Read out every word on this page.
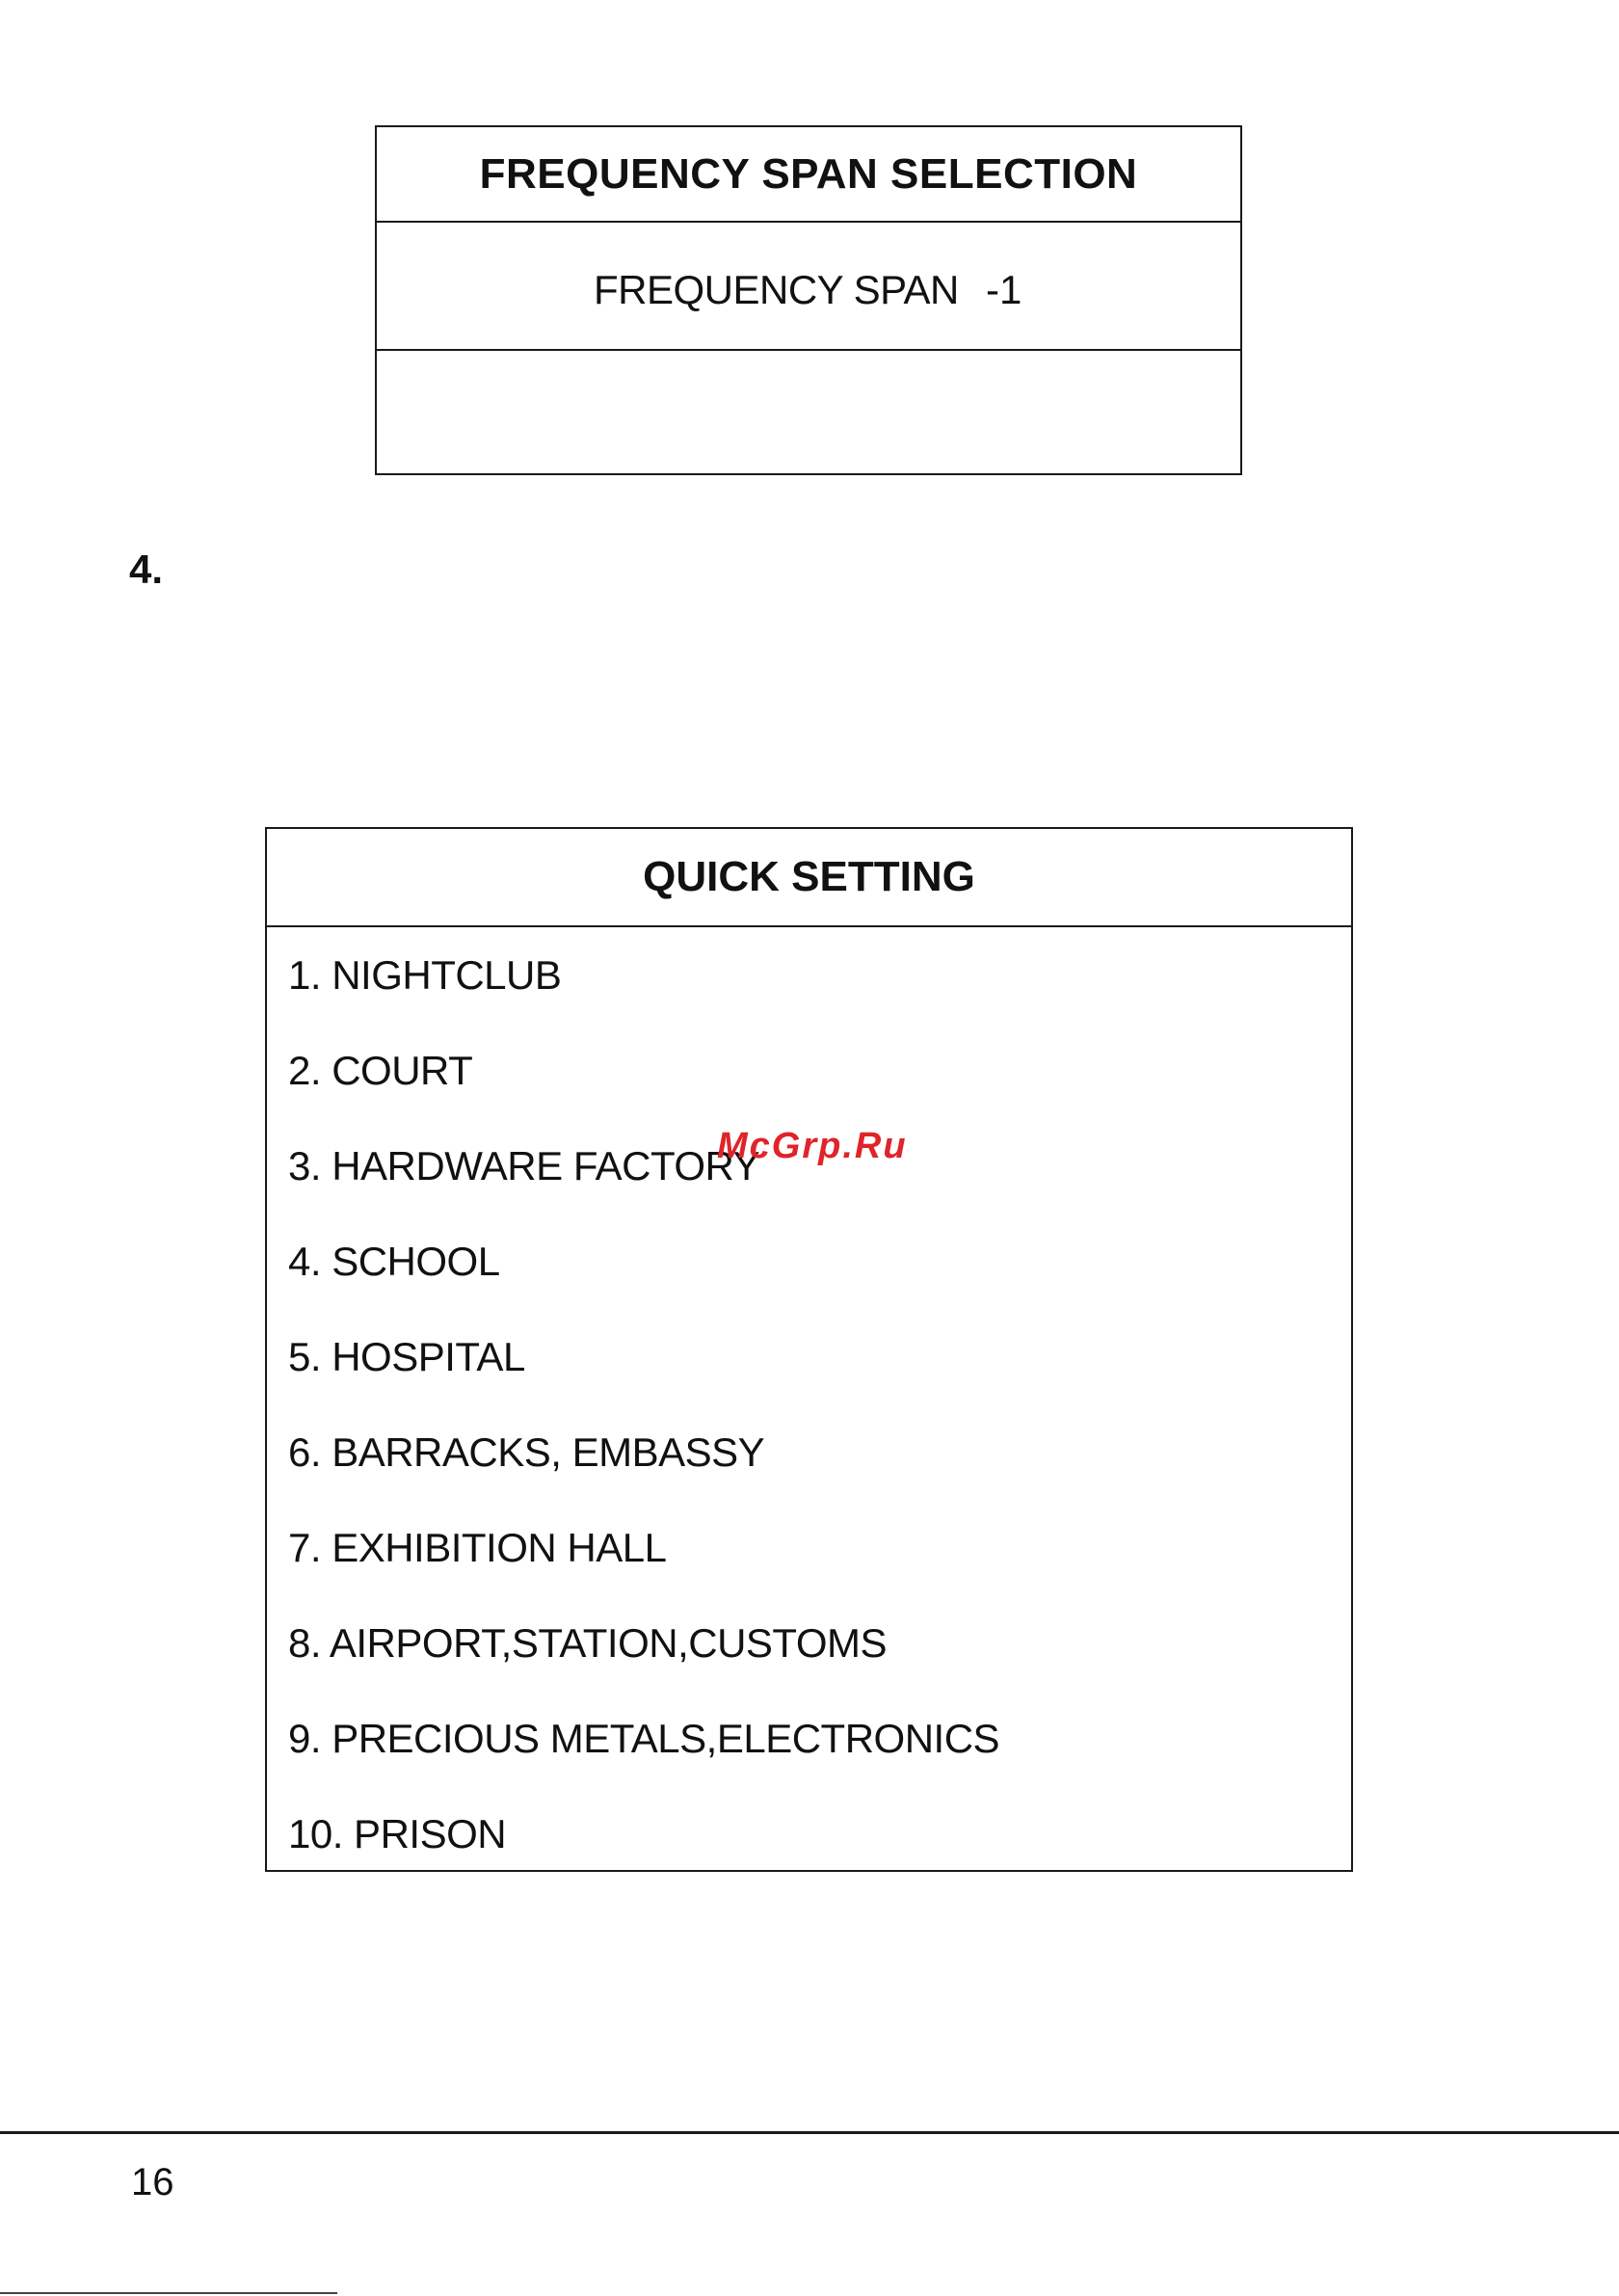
FREQUENCY SPAN SELECTION
FREQUENCY SPAN -1
4.
QUICK SETTING
1. NIGHTCLUB
2. COURT
3. HARDWARE FACTORY
4. SCHOOL
5. HOSPITAL
6. BARRACKS, EMBASSY
7. EXHIBITION HALL
8. AIRPORT,STATION,CUSTOMS
9. PRECIOUS METALS,ELECTRONICS
10. PRISON
McGrp.Ru
16
